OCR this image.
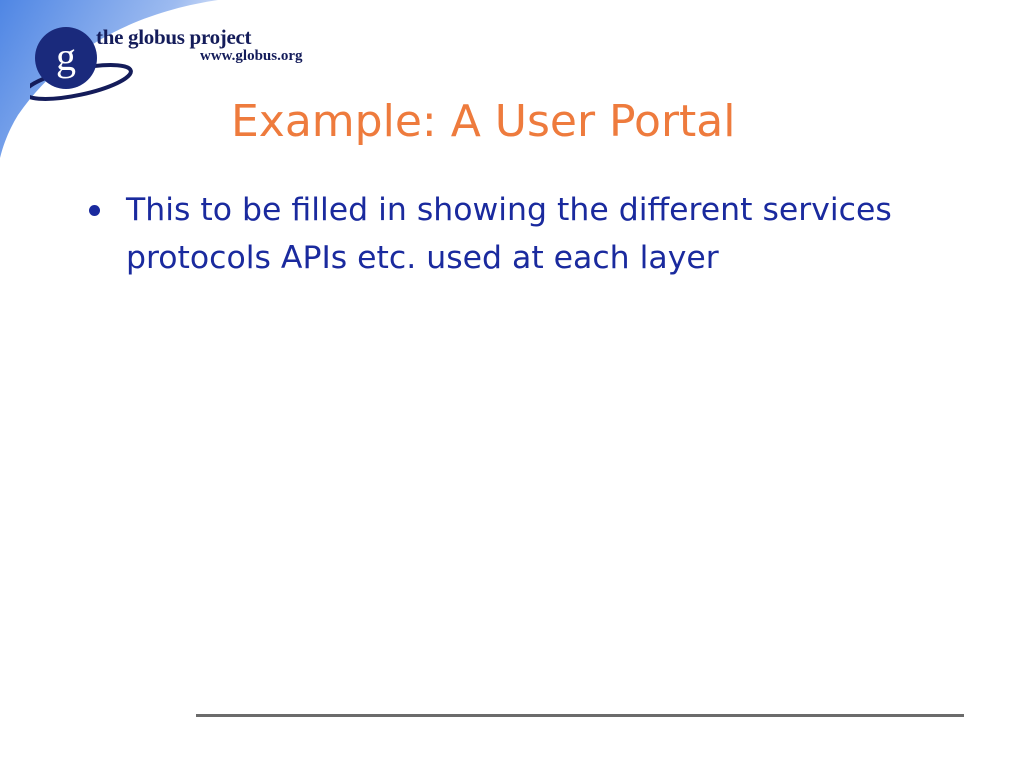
g the globus project
www.globus.org
Example: A User Portal
This to be filled in showing the different services protocols APIs etc. used at each layer
